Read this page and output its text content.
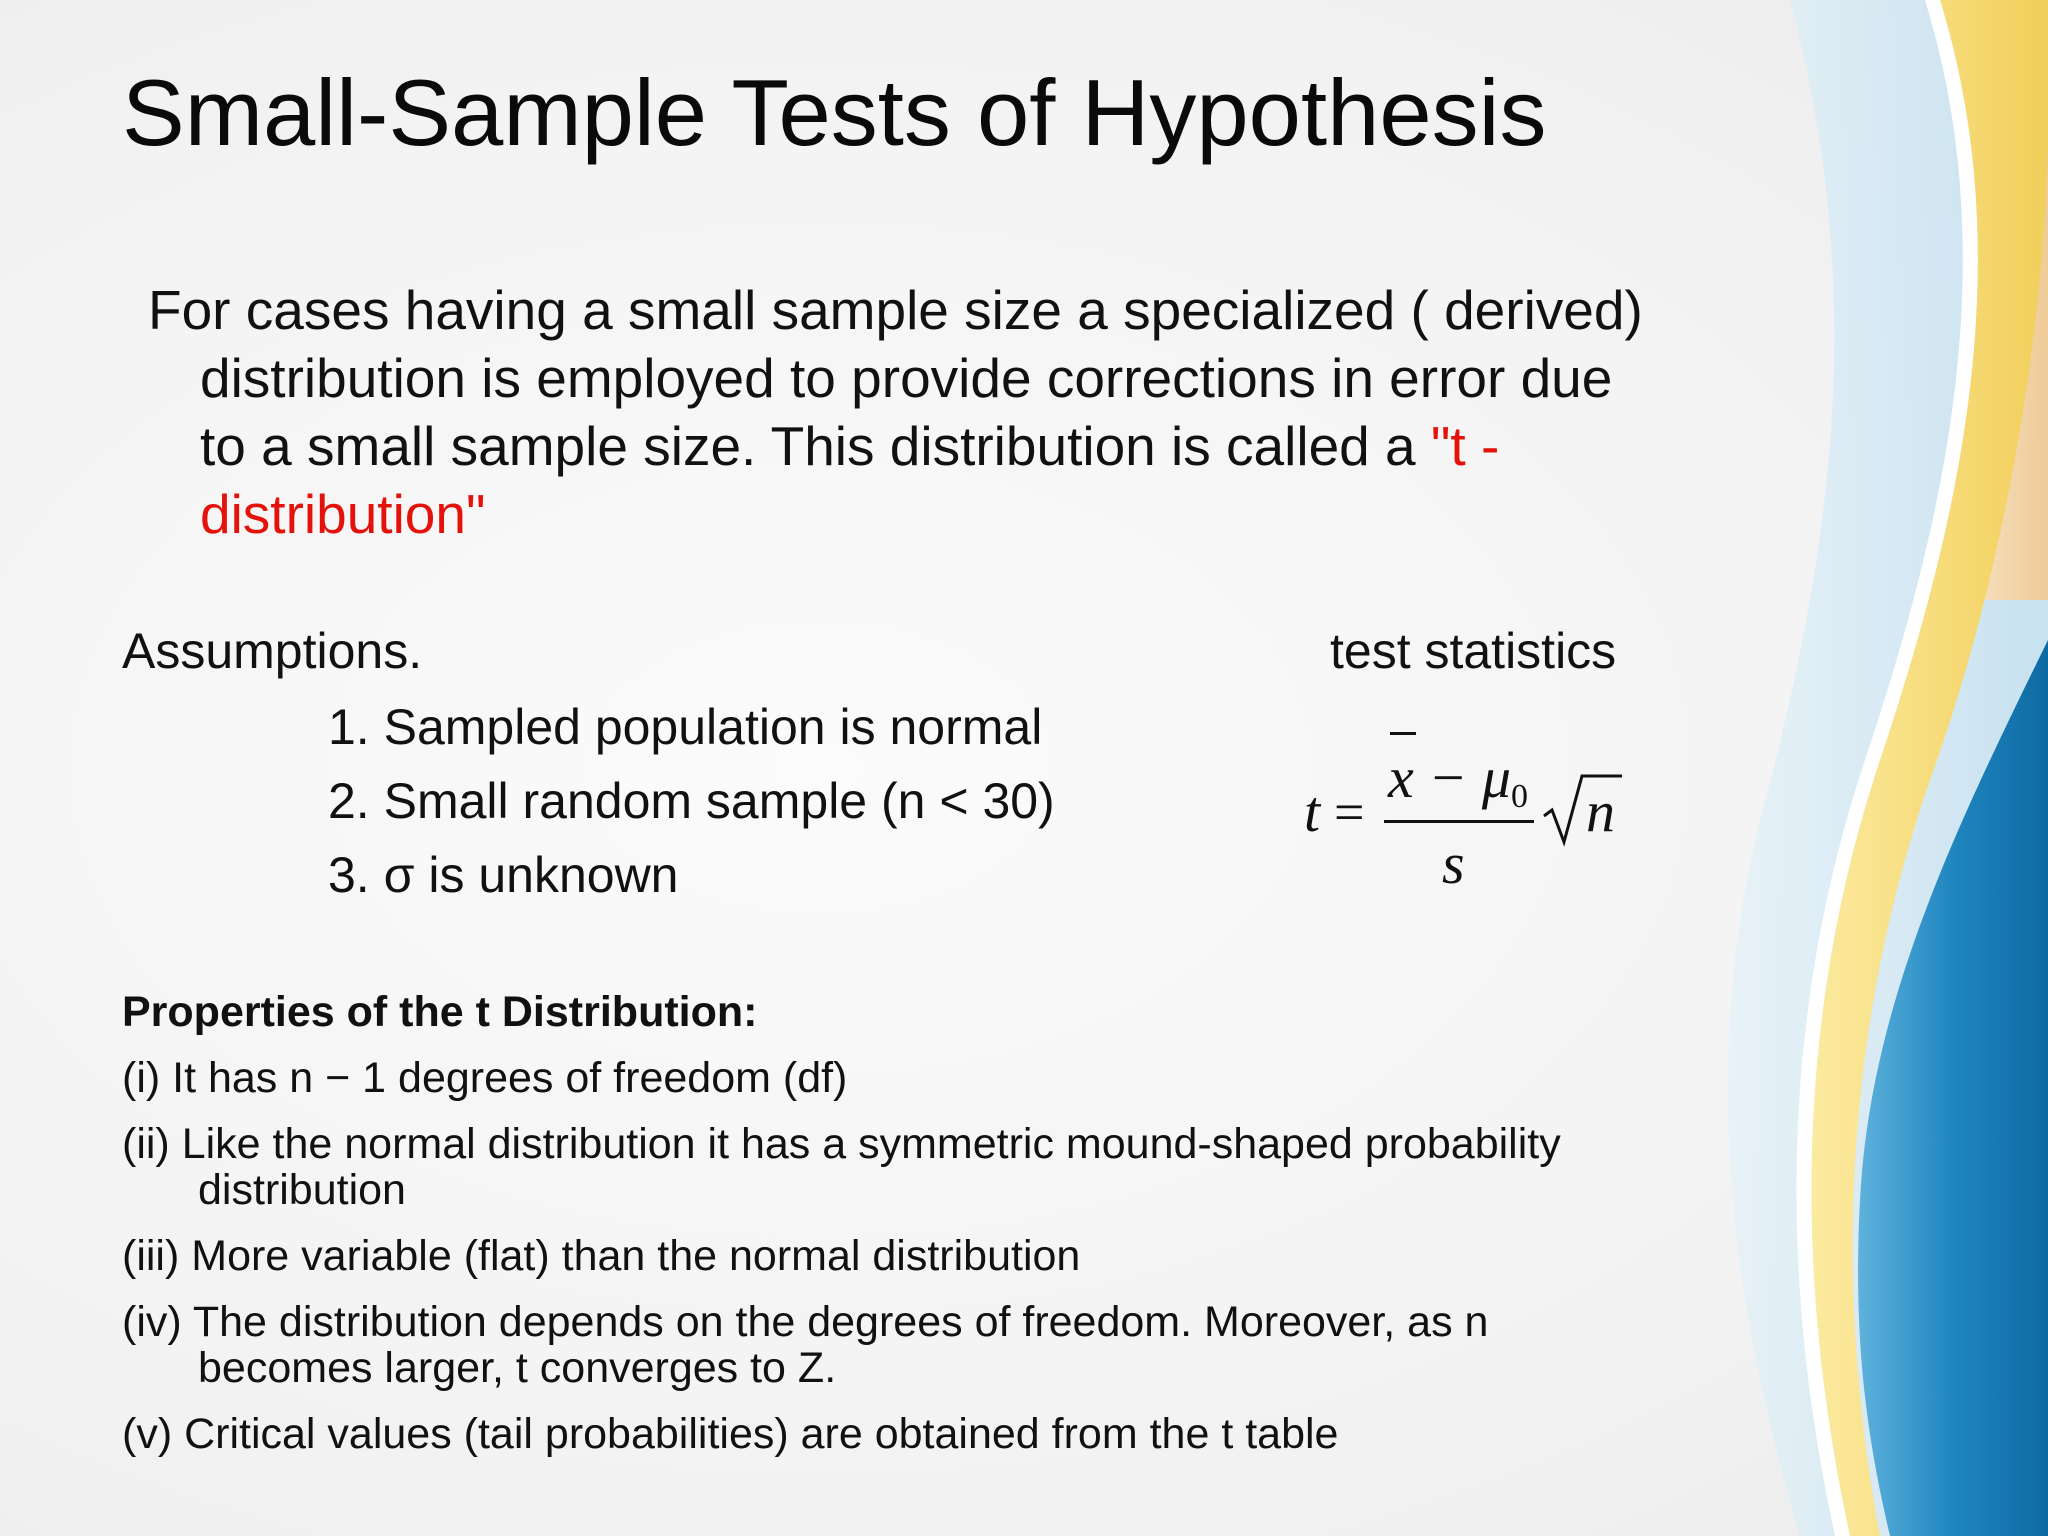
Small-Sample Tests of Hypothesis
For cases having a small sample size a specialized ( derived)
distribution is employed to provide corrections in error due
to a small sample size. This distribution is called a "t -
distribution"
Assumptions.
1. Sampled population is normal
2. Small random sample (n < 30)
3. σ is unknown
test statistics
t =
$x - \mu_0$
s
n
Properties of the t Distribution:
(i) It has n − 1 degrees of freedom (df)
(ii) Like the normal distribution it has a symmetric mound-shaped probability
distribution
(iii) More variable (flat) than the normal distribution
(iv) The distribution depends on the degrees of freedom. Moreover, as n
becomes larger, t converges to Z.
(v) Critical values (tail probabilities) are obtained from the t table
